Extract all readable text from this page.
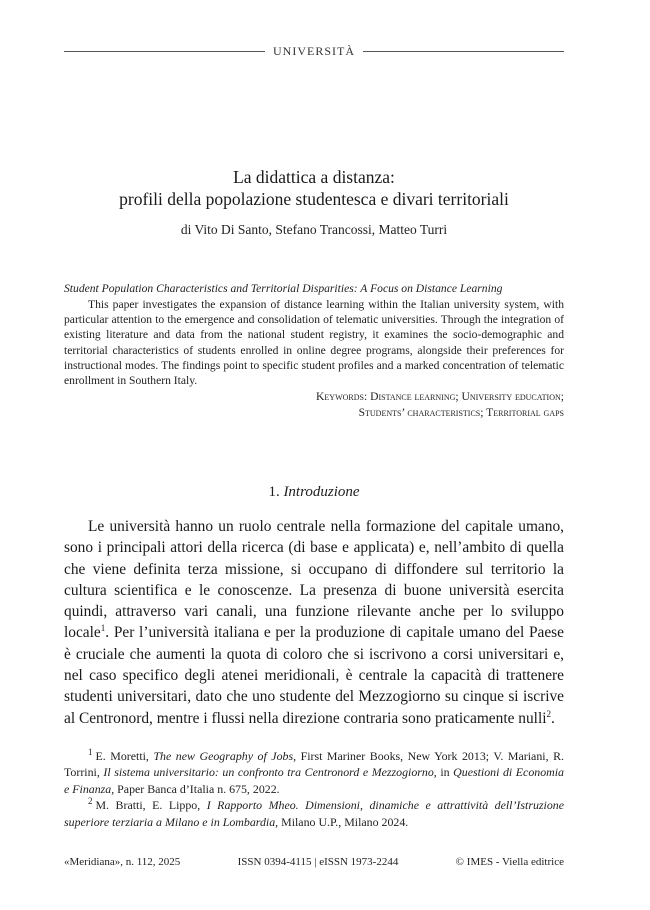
UNIVERSITÀ

La didattica a distanza:

profili della popolazione studentesca e divari territoriali

di Vito Di Santo, Stefano Trancossi, Matteo Turri

Student Population Characteristics and Territorial Disparities: A Focus on Distance Learning

This paper investigates the expansion of distance learning within the Italian university system, with particular attention to the emergence and consolidation of telematic universities. Through the integration of existing literature and data from the national student registry, it examines the socio-demographic and territorial characteristics of students enrolled in online degree programs, alongside their preferences for instructional modes. The findings point to specific student profiles and a marked concentration of telematic enrollment in Southern Italy.

Keywords: Distance learning; University education;
Students’ characteristics; Territorial gaps
1. Introduzione

Le università hanno un ruolo centrale nella formazione del capitale umano, sono i principali attori della ricerca (di base e applicata) e, nell’ambito di quella che viene definita terza missione, si occupano di diffondere sul territorio la cultura scientifica e le conoscenze. La presenza di buone università esercita quindi, attraverso vari canali, una funzione rilevante anche per lo sviluppo locale$^1$. Per l’università italiana e per la produzione di capitale umano del Paese è cruciale che aumenti la quota di coloro che si iscrivono a corsi universitari e, nel caso specifico degli atenei meridionali, è centrale la capacità di trattenere studenti universitari, dato che uno studente del Mezzogiorno su cinque si iscrive al Centronord, mentre i flussi nella direzione contraria sono praticamente nulli$^2$.

$^1$ E. Moretti, The new Geography of Jobs, First Mariner Books, New York 2013; V. Mariani, R. Torrini, Il sistema universitario: un confronto tra Centronord e Mezzogiorno, in Questioni di Economia e Finanza, Paper Banca d’Italia n. 675, 2022.

$^2$ M. Bratti, E. Lippo, I Rapporto Mheo. Dimensioni, dinamiche e attrattività dell’Istruzione superiore terziaria a Milano e in Lombardia, Milano U.P., Milano 2024.

«Meridiana», n. 112, 2025	ISSN 0394-4115 | eISSN 1973-2244	© IMES - Viella editrice
